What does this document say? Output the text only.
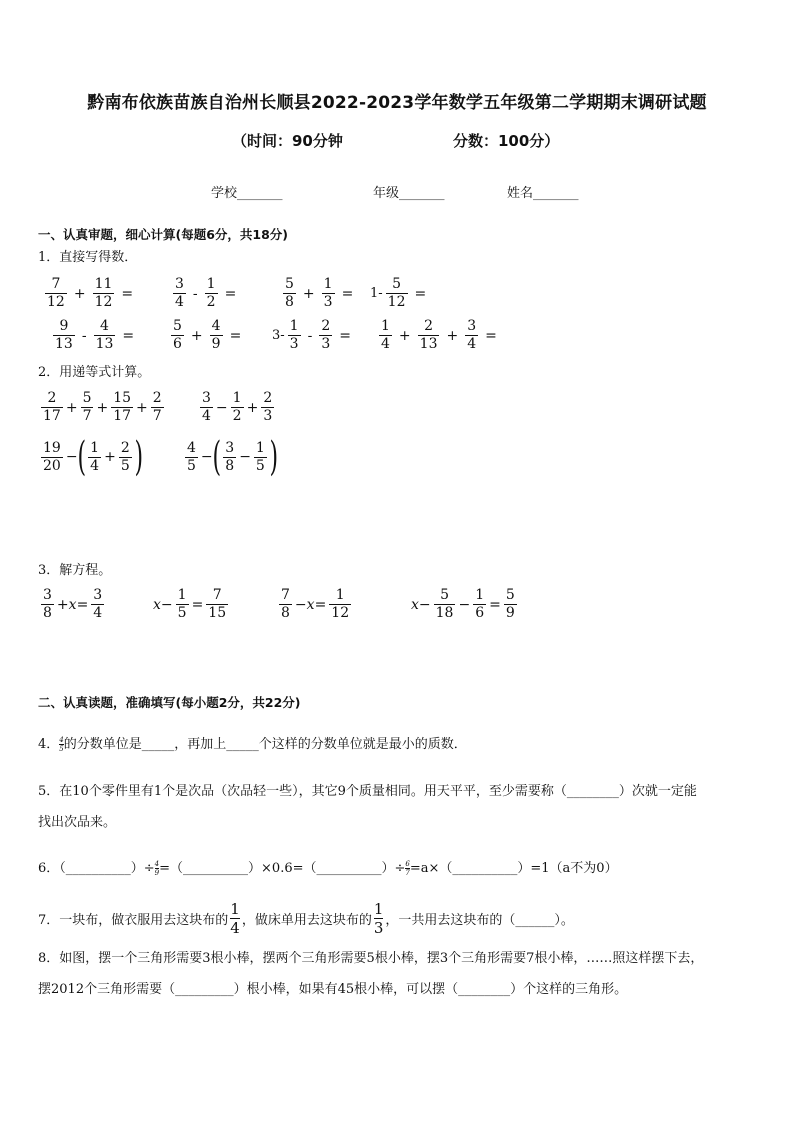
黔南布依族苗族自治州长顺县2022-2023学年数学五年级第二学期期末调研试题
（时间：90分钟	分数：100分）
学校_______	年级_______	姓名_______
一、认真审题，细心计算(每题6分，共18分)
1．直接写得数．
7
12
+ $\frac{11}{12}$ =
3
4
- $\frac{1}{2}$ =
5
8
+ $\frac{1}{3} = 1- \frac{5}{12}$ =
9
13
- $\frac{4}{13}$ =
5
6
+ $\frac{4}{9} = 3-$
1
3
- $\frac{2}{3}$ =
1
4
+ $\frac{2}{13} + \frac{3}{4}$ =
2．用递等式计算。
2
17
+ $\frac{5}{7} + \frac{15}{17} + \frac{2}{7}$	3
4
− $\frac{1}{2} + \frac{2}{3}$
19
20
− ( 1
4
+ $\frac{2}{5}$ )	4
5
− ( 3
8
− $\frac{1}{5}$ )
3．解方程。
3
8
+ $x = \frac{3}{4}$	$x - \frac{1}{5} = \frac{7}{15}$	7
8
− $x = \frac{1}{12}$	$x - \frac{5}{18} - \frac{1}{6} = \frac{5}{9}$
二、认真读题，准确填写(每小题2分，共22分)
4． $\frac{4}{5}$ 的分数单位是_____，再加上_____个这样的分数单位就是最小的质数．
5．在10个零件里有1个是次品（次品轻一些），其它9个质量相同。用天平平，至少需要称（________）次就一定能
找出次品来。
6．（__________）÷ $\frac{4}{9}$ =（__________）×0.6=（__________）÷ $\frac{6}{7}$ =a×（__________）=1（a不为0）
7．一块布，做衣服用去这块布的
1
4 ，做床单用去这块布的
1
3 ，一共用去这块布的（______）。
8．如图，摆一个三角形需要3根小棒，摆两个三角形需要5根小棒，摆3个三角形需要7根小棒，……照这样摆下去，
摆2012个三角形需要（_________）根小棒，如果有45根小棒，可以摆（________）个这样的三角形。
